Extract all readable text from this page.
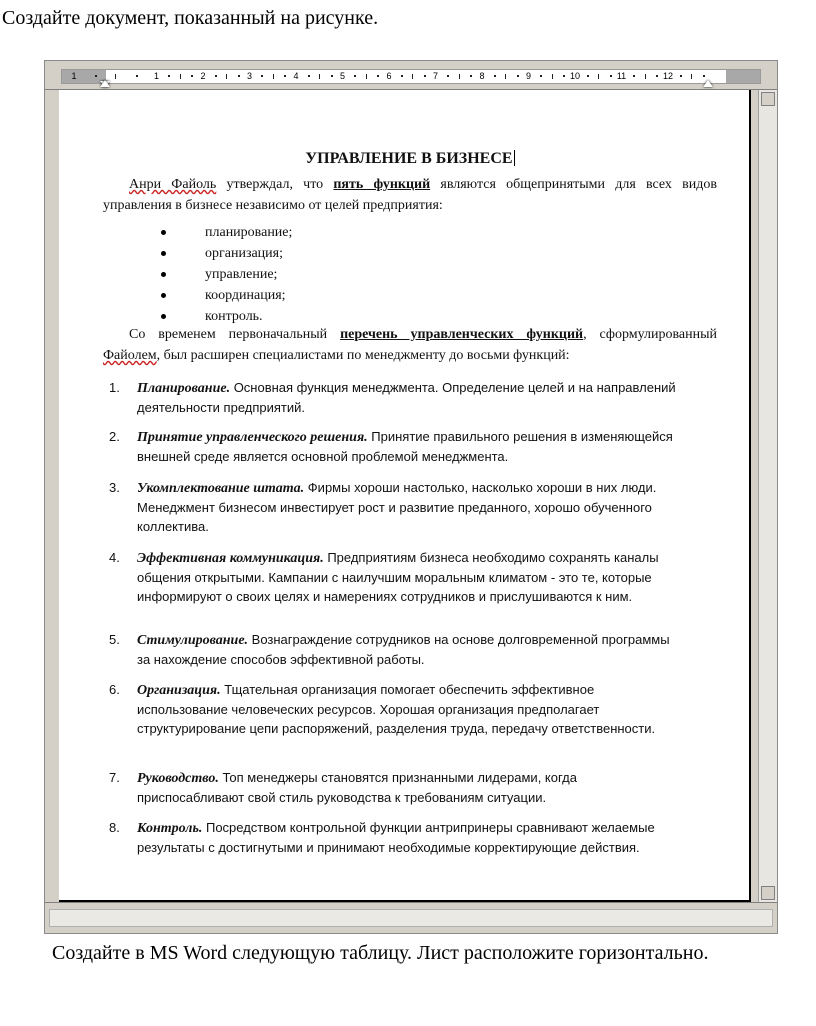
Создайте документ, показанный на рисунке.
1	1	2	3	4	5	6	7	8	9	10	11	12
УПРАВЛЕНИЕ В БИЗНЕСЕ
Анри Файоль утверждал, что пять функций являются общепринятыми для всех видов управления в бизнесе независимо от целей предприятия:
планирование;
организация;
управление;
координация;
контроль.
Со временем первоначальный перечень управленческих функций, сформулированный Файолем, был расширен специалистами по менеджменту до восьми функций:
1. Планирование. Основная функция менеджмента. Определение целей и на направлений деятельности предприятий.
2. Принятие управленческого решения. Принятие правильного решения в изменяющейся внешней среде является основной проблемой менеджмента.
3. Укомплектование штата. Фирмы хороши настолько, насколько хороши в них люди. Менеджмент бизнесом инвестирует рост и развитие преданного, хорошо обученного коллектива.
4. Эффективная коммуникация. Предприятиям бизнеса необходимо сохранять каналы общения открытыми. Кампании с наилучшим моральным климатом - это те, которые информируют о своих целях и намерениях сотрудников и прислушиваются к ним.
5. Стимулирование. Вознаграждение сотрудников на основе долговременной программы за нахождение способов эффективной работы.
6. Организация. Тщательная организация помогает обеспечить эффективное использование человеческих ресурсов. Хорошая организация предполагает структурирование цепи распоряжений, разделения труда, передачу ответственности.
7. Руководство. Топ менеджеры становятся признанными лидерами, когда приспосабливают свой стиль руководства к требованиям ситуации.
8. Контроль. Посредством контрольной функции антрипринеры сравнивают желаемые результаты с достигнутыми и принимают необходимые корректирующие действия.
Создайте в MS Word следующую таблицу. Лист расположите горизонтально.
